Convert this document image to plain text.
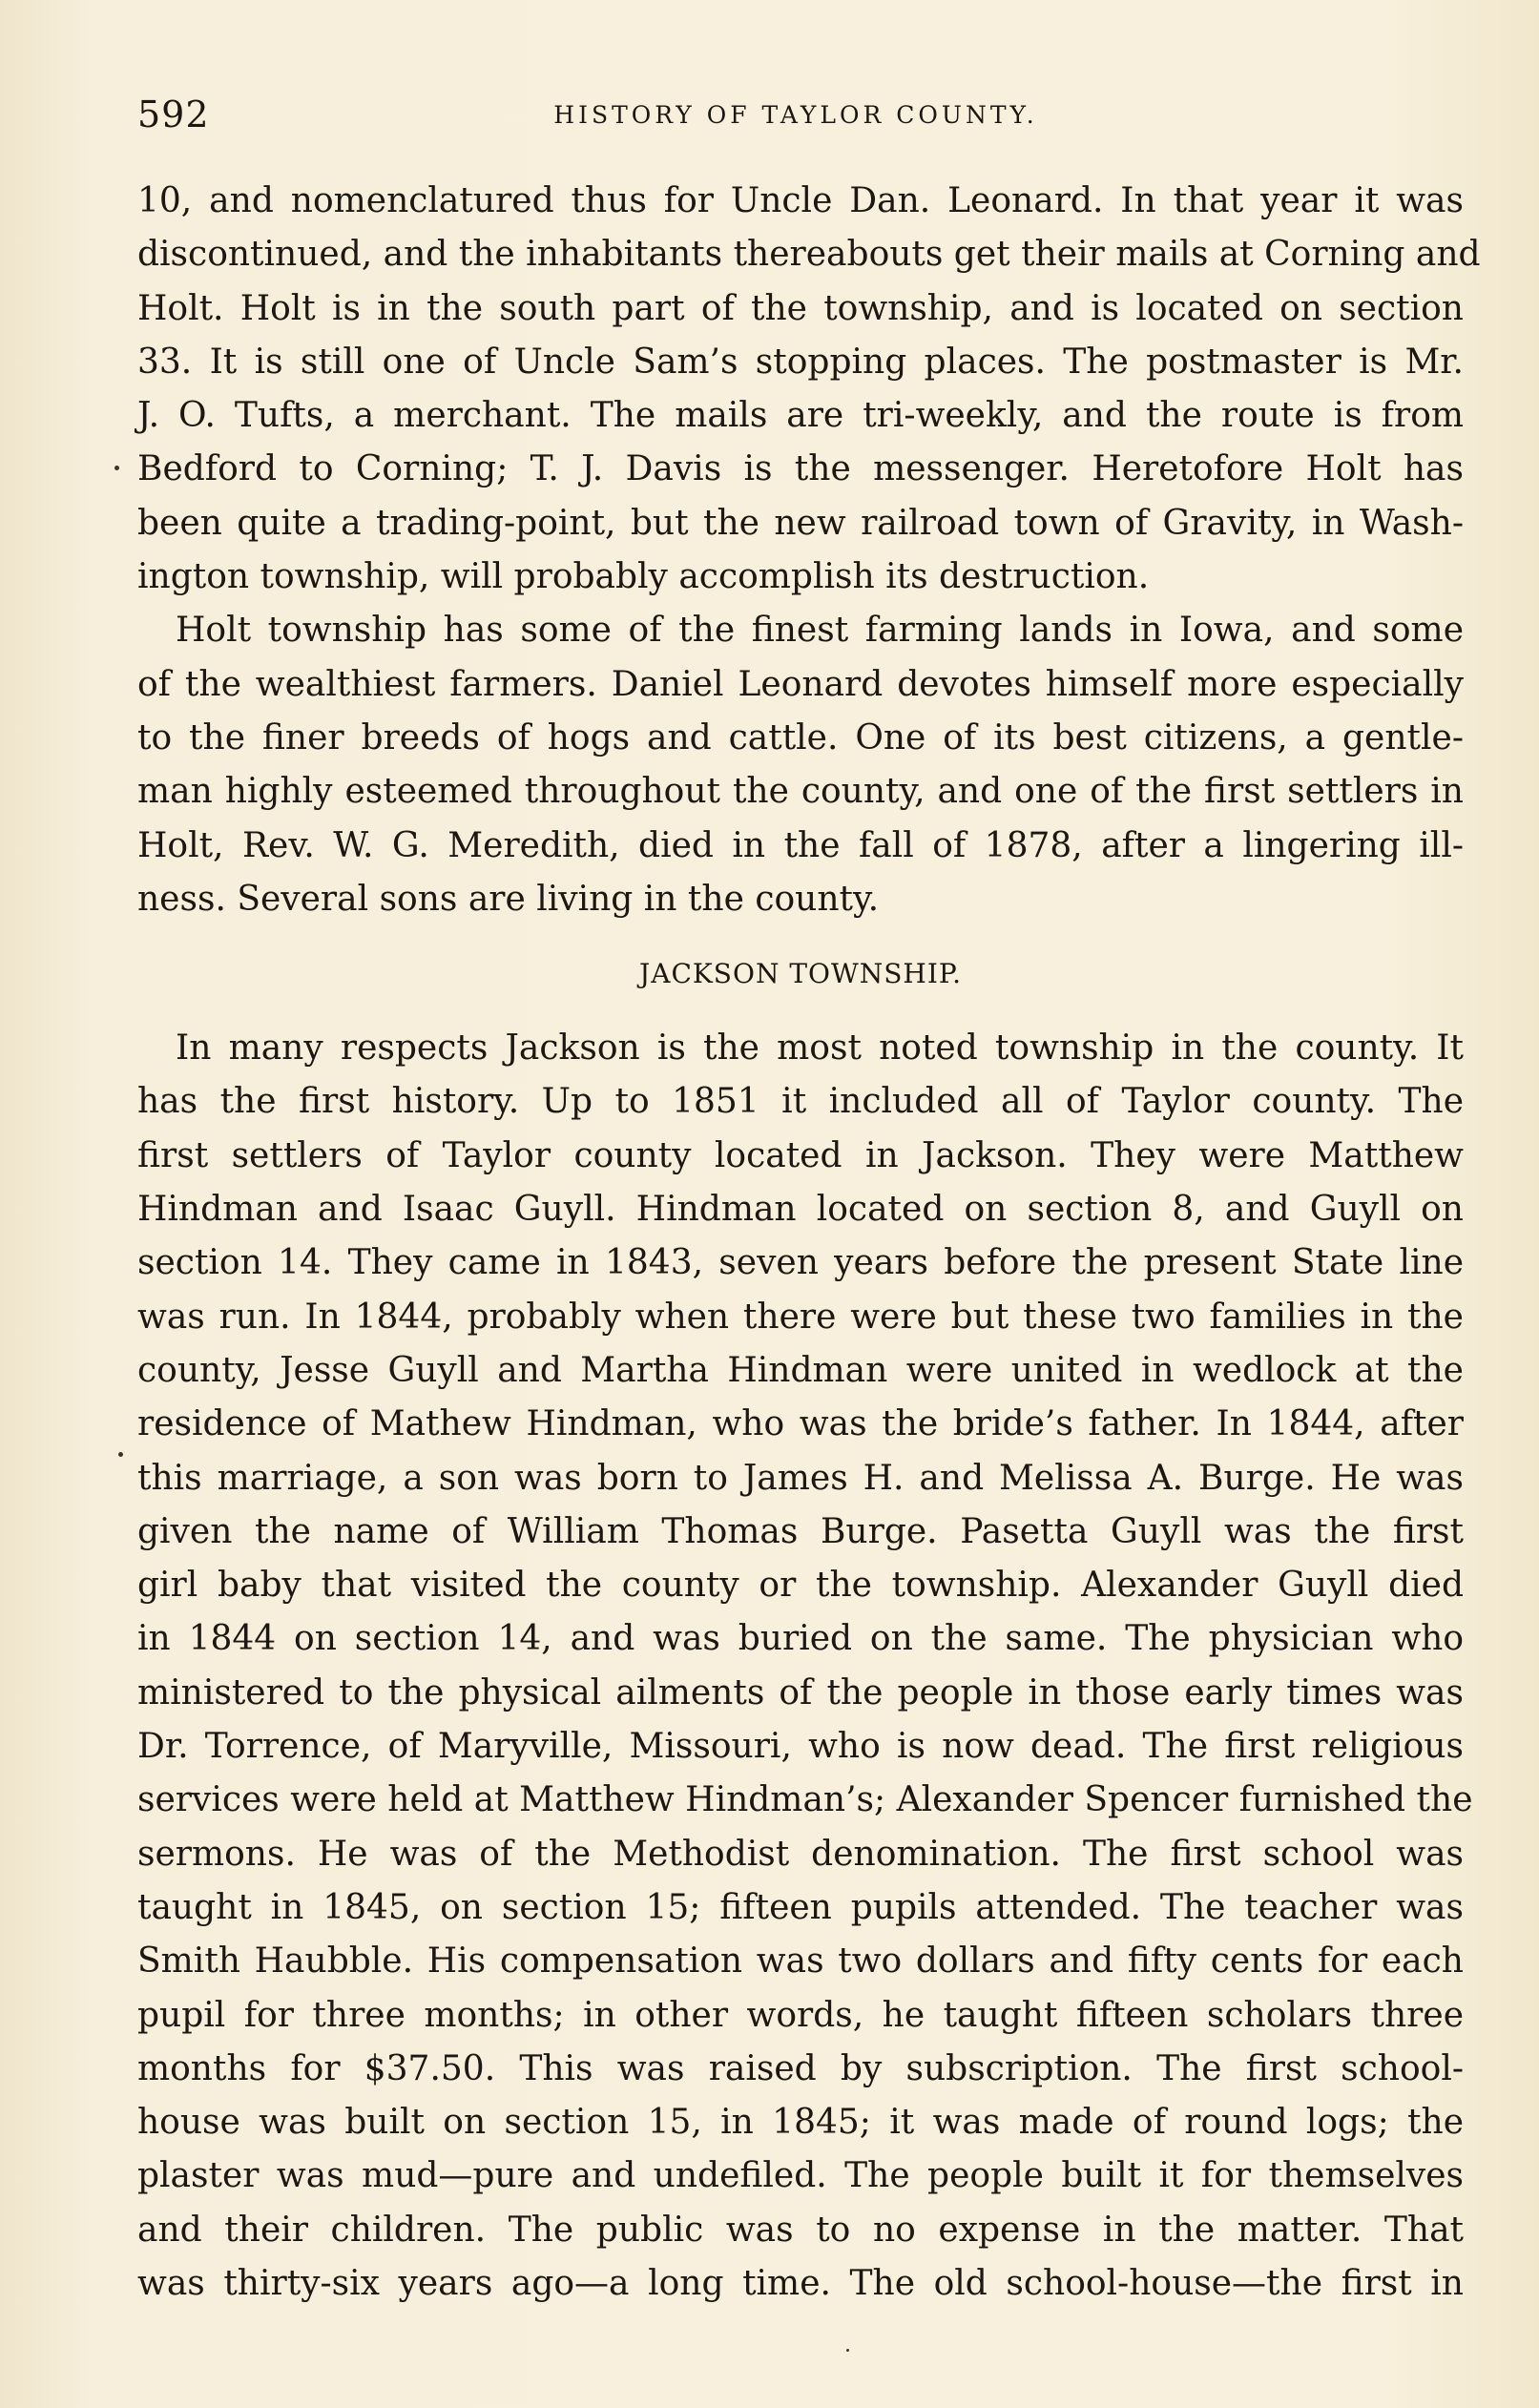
592	HISTORY OF TAYLOR COUNTY.
10, and nomenclatured thus for Uncle Dan. Leonard. In that year it was
discontinued, and the inhabitants thereabouts get their mails at Corning and
Holt. Holt is in the south part of the township, and is located on section
33. It is still one of Uncle Sam’s stopping places. The postmaster is Mr.
J. O. Tufts, a merchant. The mails are tri-weekly, and the route is from
Bedford to Corning; T. J. Davis is the messenger. Heretofore Holt has
been quite a trading-point, but the new railroad town of Gravity, in Wash-
ington township, will probably accomplish its destruction.
Holt township has some of the finest farming lands in Iowa, and some
of the wealthiest farmers. Daniel Leonard devotes himself more especially
to the finer breeds of hogs and cattle. One of its best citizens, a gentle-
man highly esteemed throughout the county, and one of the first settlers in
Holt, Rev. W. G. Meredith, died in the fall of 1878, after a lingering ill-
ness. Several sons are living in the county.
JACKSON TOWNSHIP.
In many respects Jackson is the most noted township in the county. It
has the first history. Up to 1851 it included all of Taylor county. The
first settlers of Taylor county located in Jackson. They were Matthew
Hindman and Isaac Guyll. Hindman located on section 8, and Guyll on
section 14. They came in 1843, seven years before the present State line
was run. In 1844, probably when there were but these two families in the
county, Jesse Guyll and Martha Hindman were united in wedlock at the
residence of Mathew Hindman, who was the bride’s father. In 1844, after
this marriage, a son was born to James H. and Melissa A. Burge. He was
given the name of William Thomas Burge. Pasetta Guyll was the first
girl baby that visited the county or the township. Alexander Guyll died
in 1844 on section 14, and was buried on the same. The physician who
ministered to the physical ailments of the people in those early times was
Dr. Torrence, of Maryville, Missouri, who is now dead. The first religious
services were held at Matthew Hindman’s; Alexander Spencer furnished the
sermons. He was of the Methodist denomination. The first school was
taught in 1845, on section 15; fifteen pupils attended. The teacher was
Smith Haubble. His compensation was two dollars and fifty cents for each
pupil for three months; in other words, he taught fifteen scholars three
months for $37.50. This was raised by subscription. The first school-
house was built on section 15, in 1845; it was made of round logs; the
plaster was mud—pure and undefiled. The people built it for themselves
and their children. The public was to no expense in the matter. That
was thirty-six years ago—a long time. The old school-house—the first in
